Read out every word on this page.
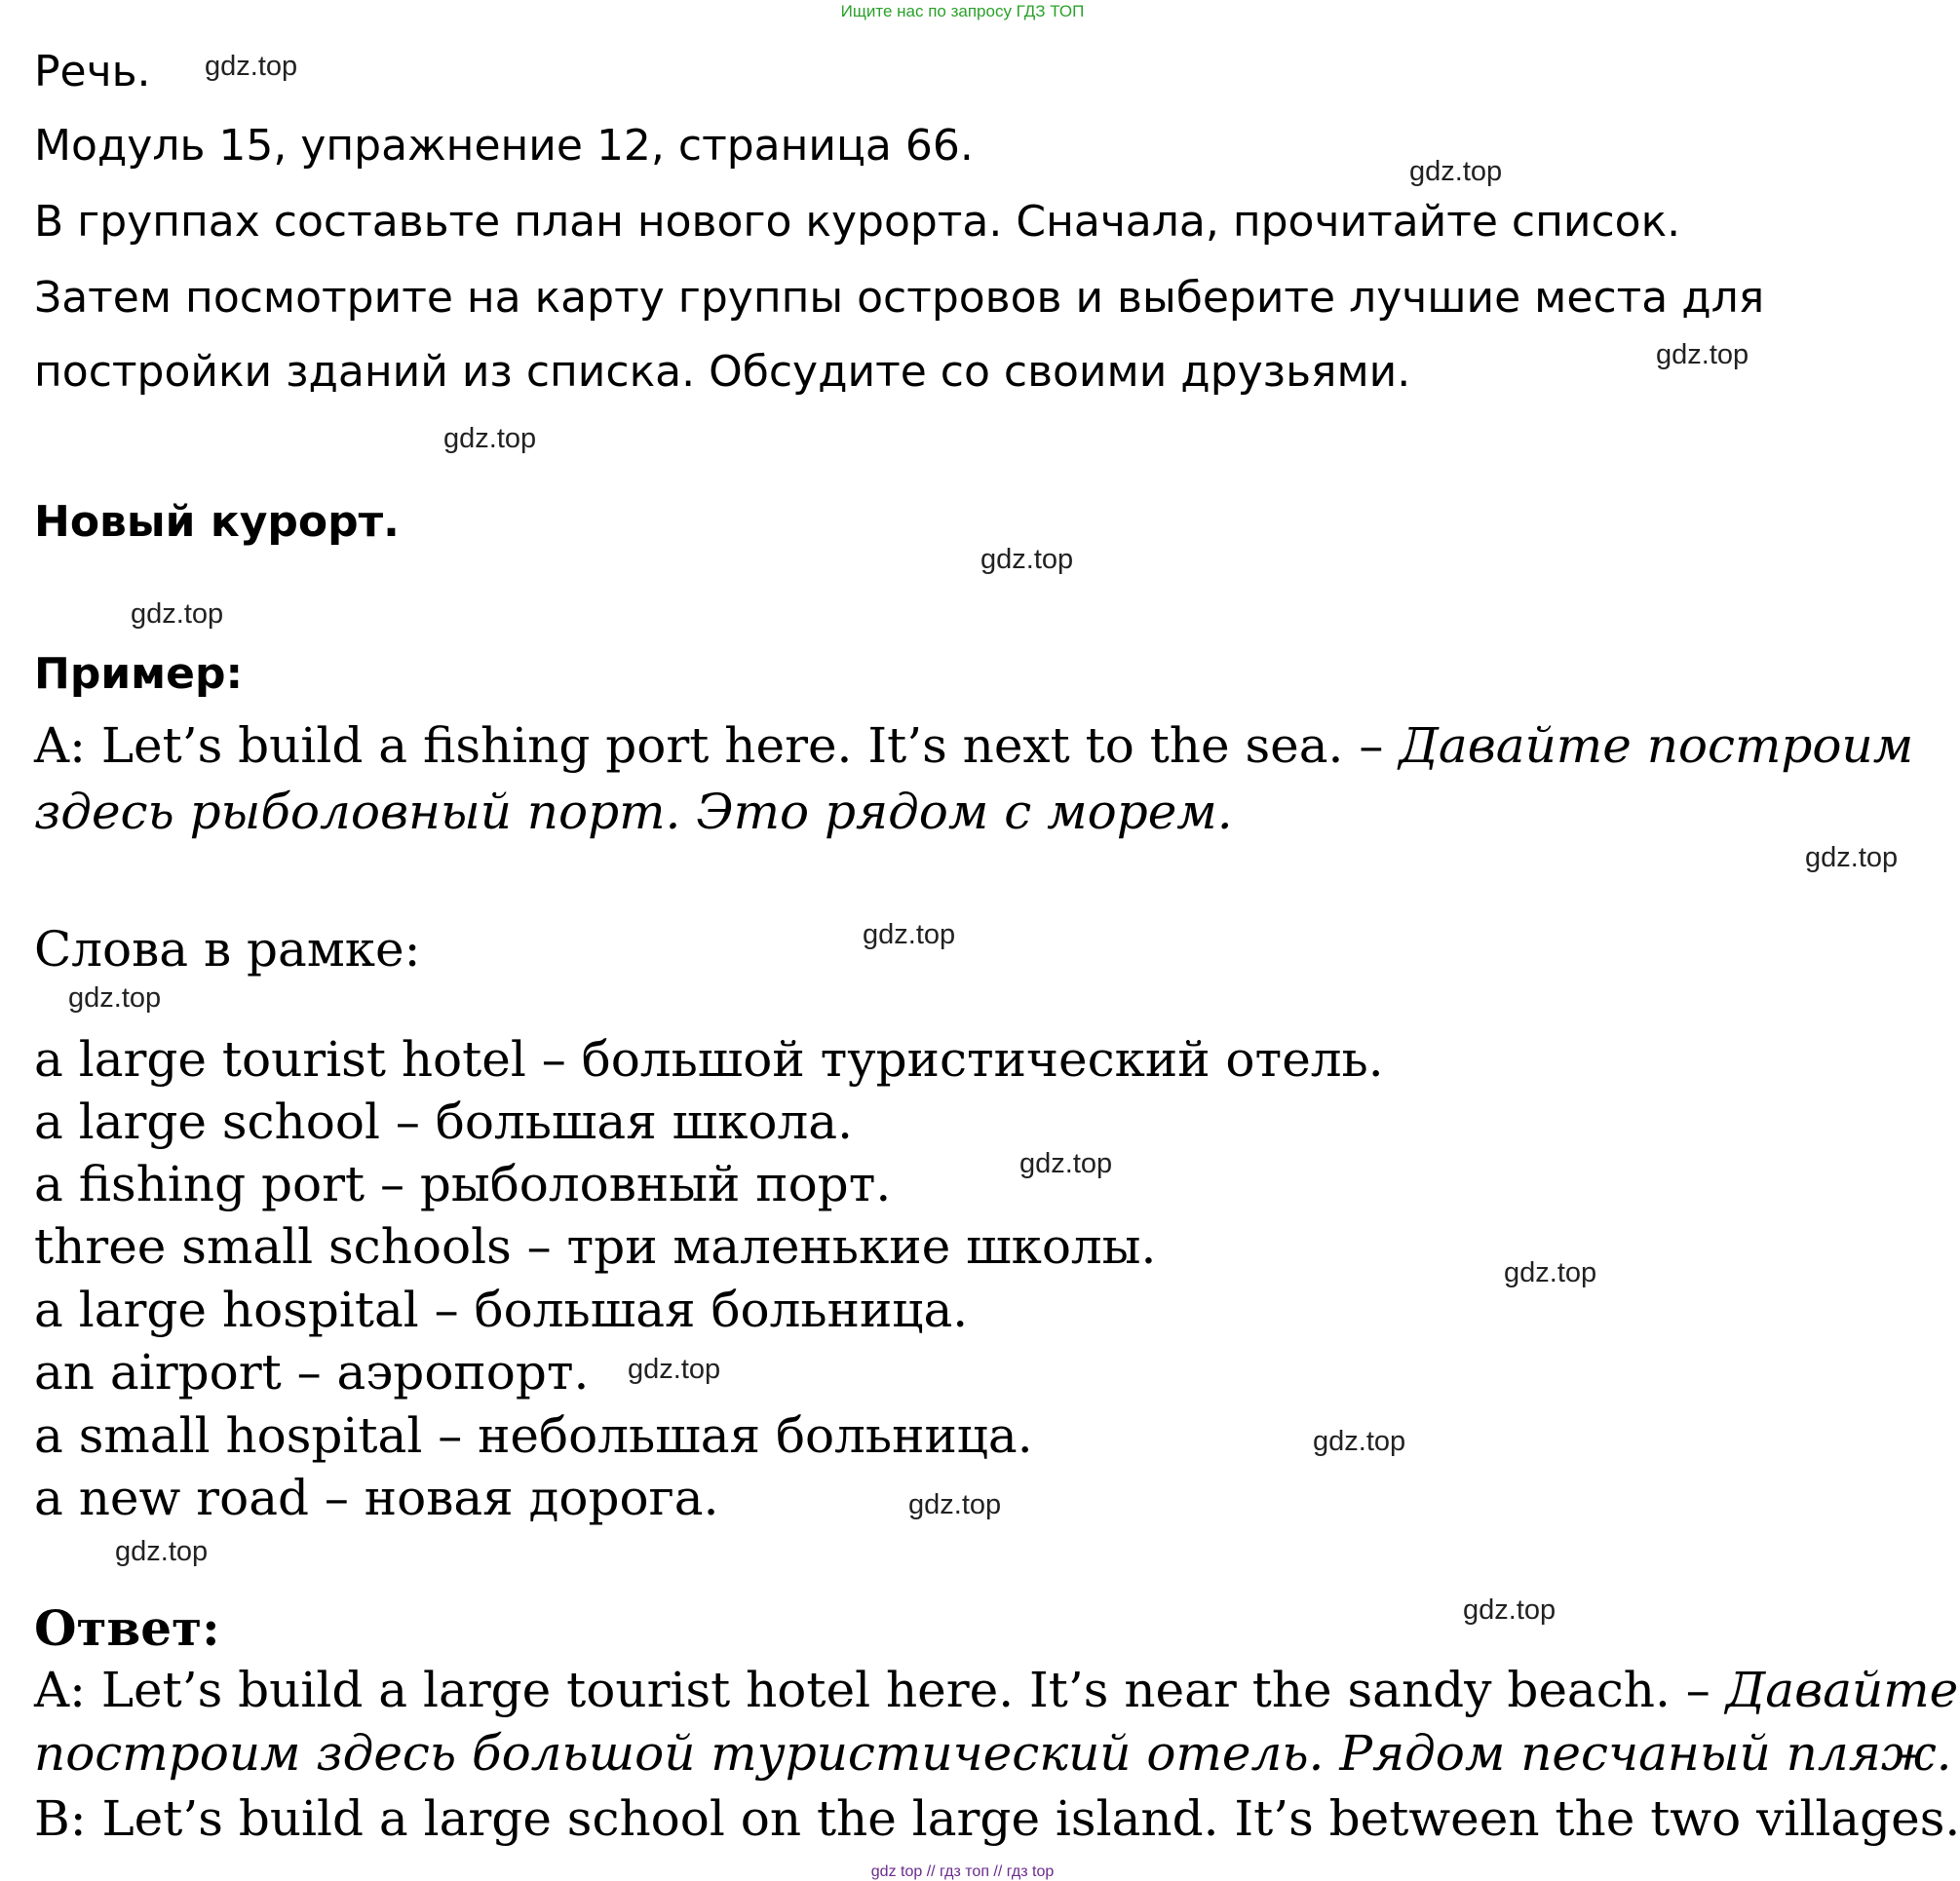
Ищите нас по запросу ГДЗ ТОП
Речь.
Модуль 15, упражнение 12, страница 66.
В группах составьте план нового курорта. Сначала, прочитайте список.
Затем посмотрите на карту группы островов и выберите лучшие места для
постройки зданий из списка. Обсудите со своими друзьями.
Новый курорт.
Пример:
A: Let’s build a fishing port here. It’s next to the sea. – Давайте построим
здесь рыболовный порт. Это рядом с морем.
Слова в рамке:
a large tourist hotel – большой туристический отель.
a large school – большая школа.
a fishing port – рыболовный порт.
three small schools – три маленькие школы.
a large hospital – большая больница.
an airport – аэропорт.
a small hospital – небольшая больница.
a new road – новая дорога.
Ответ:
A: Let’s build a large tourist hotel here. It’s near the sandy beach. – Давайте
построим здесь большой туристический отель. Рядом песчаный пляж.
B: Let’s build a large school on the large island. It’s between the two villages.
gdz.top
gdz.top
gdz.top
gdz.top
gdz.top
gdz.top
gdz.top
gdz.top
gdz.top
gdz.top
gdz.top
gdz.top
gdz.top
gdz.top
gdz.top
gdz.top
gdz top // гдз топ // гдз top
